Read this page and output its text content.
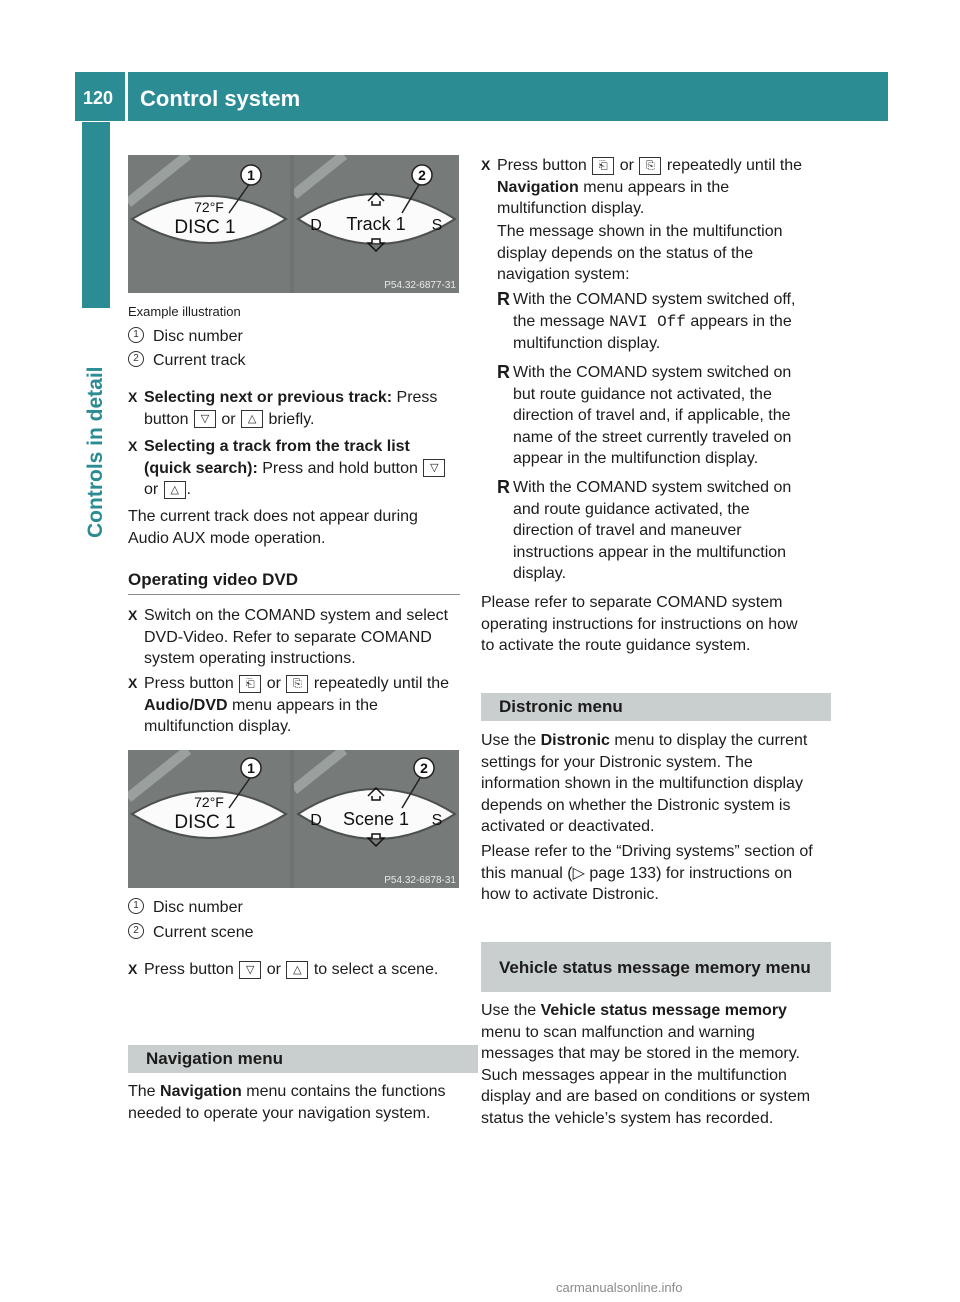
120	Control system
Controls in detail
1
72°F
DISC 1
2
D Track 1 S
P54.32-6877-31
Example illustration
1 Disc number
2 Current track
X Selecting next or previous track: Press button ▽ or △ briefly.
X Selecting a track from the track list (quick search): Press and hold button ▽ or △ .
The current track does not appear during Audio AUX mode operation.
Operating video DVD
X Switch on the COMAND system and select DVD-Video. Refer to separate COMAND system operating instructions.
X Press button ⎗ or ⎘ repeatedly until the Audio/DVD menu appears in the multifunction display.
1
72°F
DISC 1
2
D Scene 1 S
P54.32-6878-31
1 Disc number
2 Current scene
X Press button ▽ or △ to select a scene.
Navigation menu
The Navigation menu contains the functions needed to operate your navigation system.
X Press button ⎗ or ⎘ repeatedly until the Navigation menu appears in the multifunction display.
The message shown in the multifunction display depends on the status of the navigation system:
R With the COMAND system switched off, the message NAVI Off appears in the multifunction display.
R With the COMAND system switched on but route guidance not activated, the direction of travel and, if applicable, the name of the street currently traveled on appear in the multifunction display.
R With the COMAND system switched on and route guidance activated, the direction of travel and maneuver instructions appear in the multifunction display.
Please refer to separate COMAND system operating instructions for instructions on how to activate the route guidance system.
Distronic menu
Use the Distronic menu to display the current settings for your Distronic system. The information shown in the multifunction display depends on whether the Distronic system is activated or deactivated.
Please refer to the “Driving systems” section of this manual (▷ page 133) for instructions on how to activate Distronic.
Vehicle status message memory menu
Use the Vehicle status message memory menu to scan malfunction and warning messages that may be stored in the memory. Such messages appear in the multifunction display and are based on conditions or system status the vehicle’s system has recorded.
carmanualsonline.info
